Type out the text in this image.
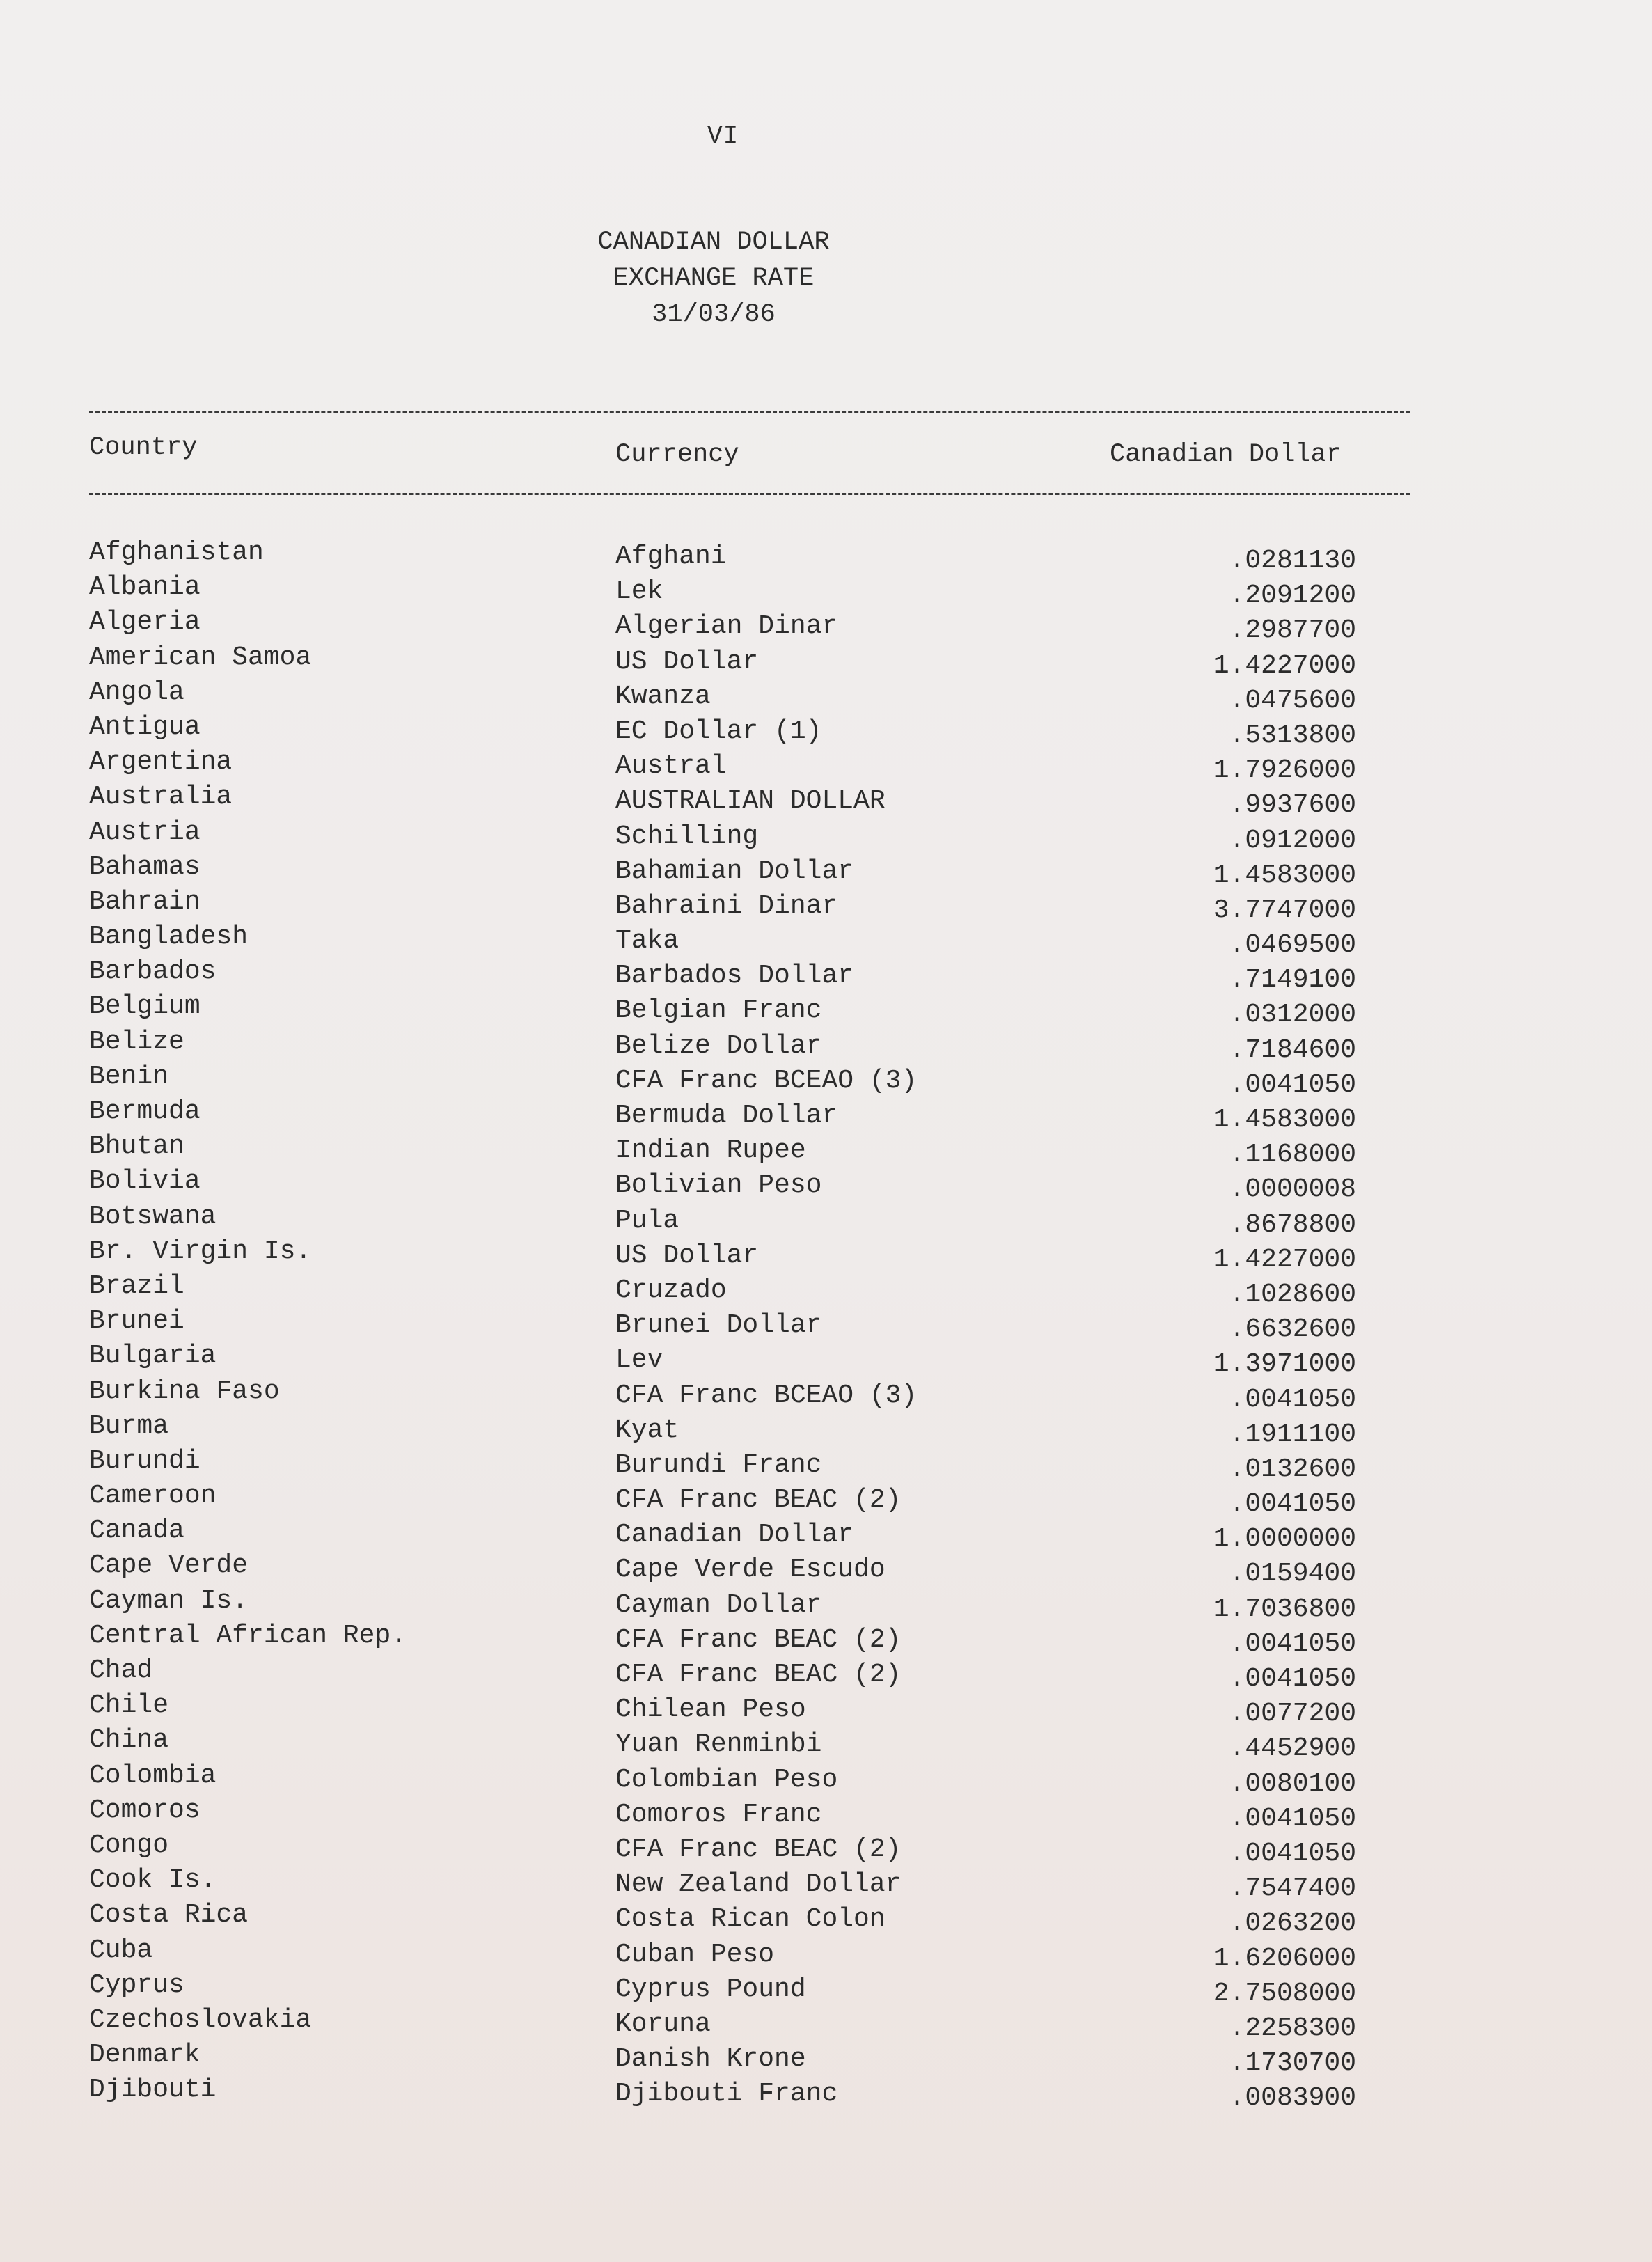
VI
CANADIAN DOLLAR
EXCHANGE RATE
31/03/86
Country	Currency	Canadian Dollar
Afghanistan	Afghani	.0281130
Albania	Lek	.2091200
Algeria	Algerian Dinar	.2987700
American Samoa	US Dollar	1.4227000
Angola	Kwanza	.0475600
Antigua	EC Dollar (1)	.5313800
Argentina	Austral	1.7926000
Australia	AUSTRALIAN DOLLAR	.9937600
Austria	Schilling	.0912000
Bahamas	Bahamian Dollar	1.4583000
Bahrain	Bahraini Dinar	3.7747000
Bangladesh	Taka	.0469500
Barbados	Barbados Dollar	.7149100
Belgium	Belgian Franc	.0312000
Belize	Belize Dollar	.7184600
Benin	CFA Franc BCEAO (3)	.0041050
Bermuda	Bermuda Dollar	1.4583000
Bhutan	Indian Rupee	.1168000
Bolivia	Bolivian Peso	.0000008
Botswana	Pula	.8678800
Br. Virgin Is.	US Dollar	1.4227000
Brazil	Cruzado	.1028600
Brunei	Brunei Dollar	.6632600
Bulgaria	Lev	1.3971000
Burkina Faso	CFA Franc BCEAO (3)	.0041050
Burma	Kyat	.1911100
Burundi	Burundi Franc	.0132600
Cameroon	CFA Franc BEAC (2)	.0041050
Canada	Canadian Dollar	1.0000000
Cape Verde	Cape Verde Escudo	.0159400
Cayman Is.	Cayman Dollar	1.7036800
Central African Rep.	CFA Franc BEAC (2)	.0041050
Chad	CFA Franc BEAC (2)	.0041050
Chile	Chilean Peso	.0077200
China	Yuan Renminbi	.4452900
Colombia	Colombian Peso	.0080100
Comoros	Comoros Franc	.0041050
Congo	CFA Franc BEAC (2)	.0041050
Cook Is.	New Zealand Dollar	.7547400
Costa Rica	Costa Rican Colon	.0263200
Cuba	Cuban Peso	1.6206000
Cyprus	Cyprus Pound	2.7508000
Czechoslovakia	Koruna	.2258300
Denmark	Danish Krone	.1730700
Djibouti	Djibouti Franc	.0083900
